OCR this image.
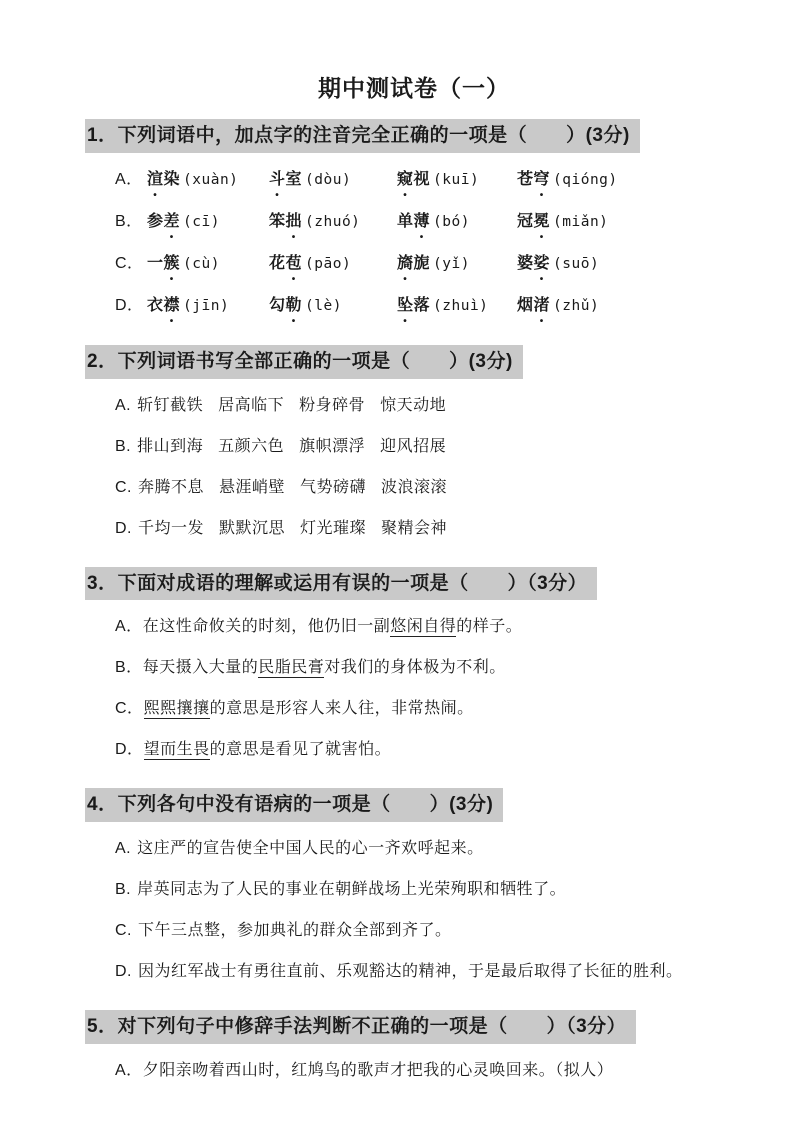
期中测试卷（一）
1．下列词语中，加点字的注音完全正确的一项是（　　）(3分)
A． 渲染 (xuàn)	斗室 (dòu)	窥视 (kuī)	苍穹 (qióng)
B． 参差 (cī)	笨拙 (zhuó)	单薄 (bó)	冠冕 (miǎn)
C． 一簇 (cù)	花苞 (pāo)	旖旎 (yǐ)	婆娑 (suō)
D． 衣襟 (jīn)	勾勒 (lè)	坠落 (zhuì)	烟渚 (zhǔ)
2．下列词语书写全部正确的一项是（　　）(3分)
A. 斩钉截铁 居高临下 粉身碎骨 惊天动地
B. 排山到海 五颜六色 旗帜漂浮 迎风招展
C. 奔腾不息 悬涯峭壁 气势磅礴 波浪滚滚
D. 千均一发 默默沉思 灯光璀璨 聚精会神
3．下面对成语的理解或运用有误的一项是（　　）（3分）
A．在这性命攸关的时刻，他仍旧一副悠闲自得的样子。
B．每天摄入大量的民脂民膏对我们的身体极为不利。
C．熙熙攘攘的意思是形容人来人往，非常热闹。
D．望而生畏的意思是看见了就害怕。
4．下列各句中没有语病的一项是（　　）(3分)
A. 这庄严的宣告使全中国人民的心一齐欢呼起来。
B. 岸英同志为了人民的事业在朝鲜战场上光荣殉职和牺牲了。
C. 下午三点整，参加典礼的群众全部到齐了。
D. 因为红军战士有勇往直前、乐观豁达的精神，于是最后取得了长征的胜利。
5．对下列句子中修辞手法判断不正确的一项是（　　）（3分）
A．夕阳亲吻着西山时，红鸠鸟的歌声才把我的心灵唤回来。（拟人）
